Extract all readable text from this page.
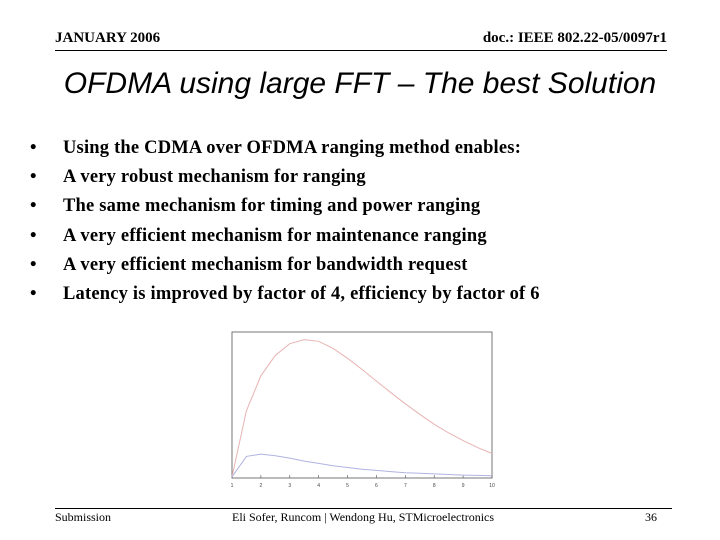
JANUARY 2006	doc.: IEEE 802.22-05/0097r1
OFDMA using large FFT – The best Solution
• Using the CDMA over OFDMA ranging method enables:
• A very robust mechanism for ranging
• The same mechanism for timing and power ranging
• A very efficient mechanism for maintenance ranging
• A very efficient mechanism for bandwidth request
• Latency is improved by factor of 4, efficiency by factor of 6
1	2	3	4	5	6	7	8	9	10
Submission	Eli Sofer, Runcom | Wendong Hu, STMicroelectronics	36
